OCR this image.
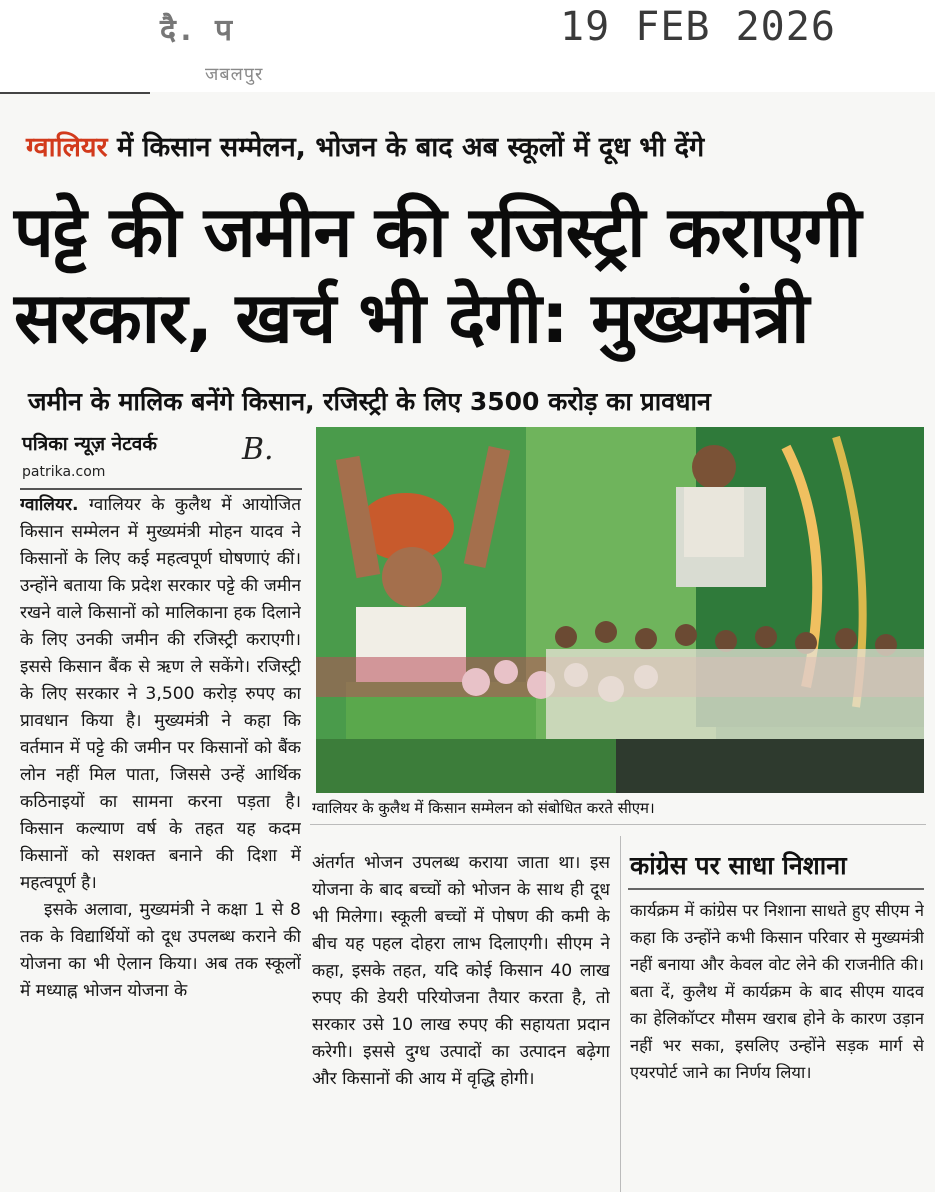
दै. प
जबलपुर
19 FEB 2026
ग्वालियर में किसान सम्मेलन, भोजन के बाद अब स्कूलों में दूध भी देंगे
पट्टे की जमीन की रजिस्ट्री कराएगी
सरकार, खर्च भी देगी: मुख्यमंत्री
जमीन के मालिक बनेंगे किसान, रजिस्ट्री के लिए 3500 करोड़ का प्रावधान
पत्रिका न्यूज़ नेटवर्क
patrika.com
B.

ग्वालियर. ग्वालियर के कुलैथ में आयोजित किसान सम्मेलन में मुख्यमंत्री मोहन यादव ने किसानों के लिए कई महत्वपूर्ण घोषणाएं कीं। उन्होंने बताया कि प्रदेश सरकार पट्टे की जमीन रखने वाले किसानों को मालिकाना हक दिलाने के लिए उनकी जमीन की रजिस्ट्री कराएगी। इससे किसान बैंक से ऋण ले सकेंगे। रजिस्ट्री के लिए सरकार ने 3,500 करोड़ रुपए का प्रावधान किया है। मुख्यमंत्री ने कहा कि वर्तमान में पट्टे की जमीन पर किसानों को बैंक लोन नहीं मिल पाता, जिससे उन्हें आर्थिक कठिनाइयों का सामना करना पड़ता है। किसान कल्याण वर्ष के तहत यह कदम किसानों को सशक्त बनाने की दिशा में महत्वपूर्ण है।

इसके अलावा, मुख्यमंत्री ने कक्षा 1 से 8 तक के विद्यार्थियों को दूध उपलब्ध कराने की योजना का भी ऐलान किया। अब तक स्कूलों में मध्याह्न भोजन योजना के

ग्वालियर के कुलैथ में किसान सम्मेलन को संबोधित करते सीएम।

अंतर्गत भोजन उपलब्ध कराया जाता था। इस योजना के बाद बच्चों को भोजन के साथ ही दूध भी मिलेगा। स्कूली बच्चों में पोषण की कमी के बीच यह पहल दोहरा लाभ दिलाएगी। सीएम ने कहा, इसके तहत, यदि कोई किसान 40 लाख रुपए की डेयरी परियोजना तैयार करता है, तो सरकार उसे 10 लाख रुपए की सहायता प्रदान करेगी। इससे दुग्ध उत्पादों का उत्पादन बढ़ेगा और किसानों की आय में वृद्धि होगी।

कांग्रेस पर साधा निशाना

कार्यक्रम में कांग्रेस पर निशाना साधते हुए सीएम ने कहा कि उन्होंने कभी किसान परिवार से मुख्यमंत्री नहीं बनाया और केवल वोट लेने की राजनीति की। बता दें, कुलैथ में कार्यक्रम के बाद सीएम यादव का हेलिकॉप्टर मौसम खराब होने के कारण उड़ान नहीं भर सका, इसलिए उन्होंने सड़क मार्ग से एयरपोर्ट जाने का निर्णय लिया।
